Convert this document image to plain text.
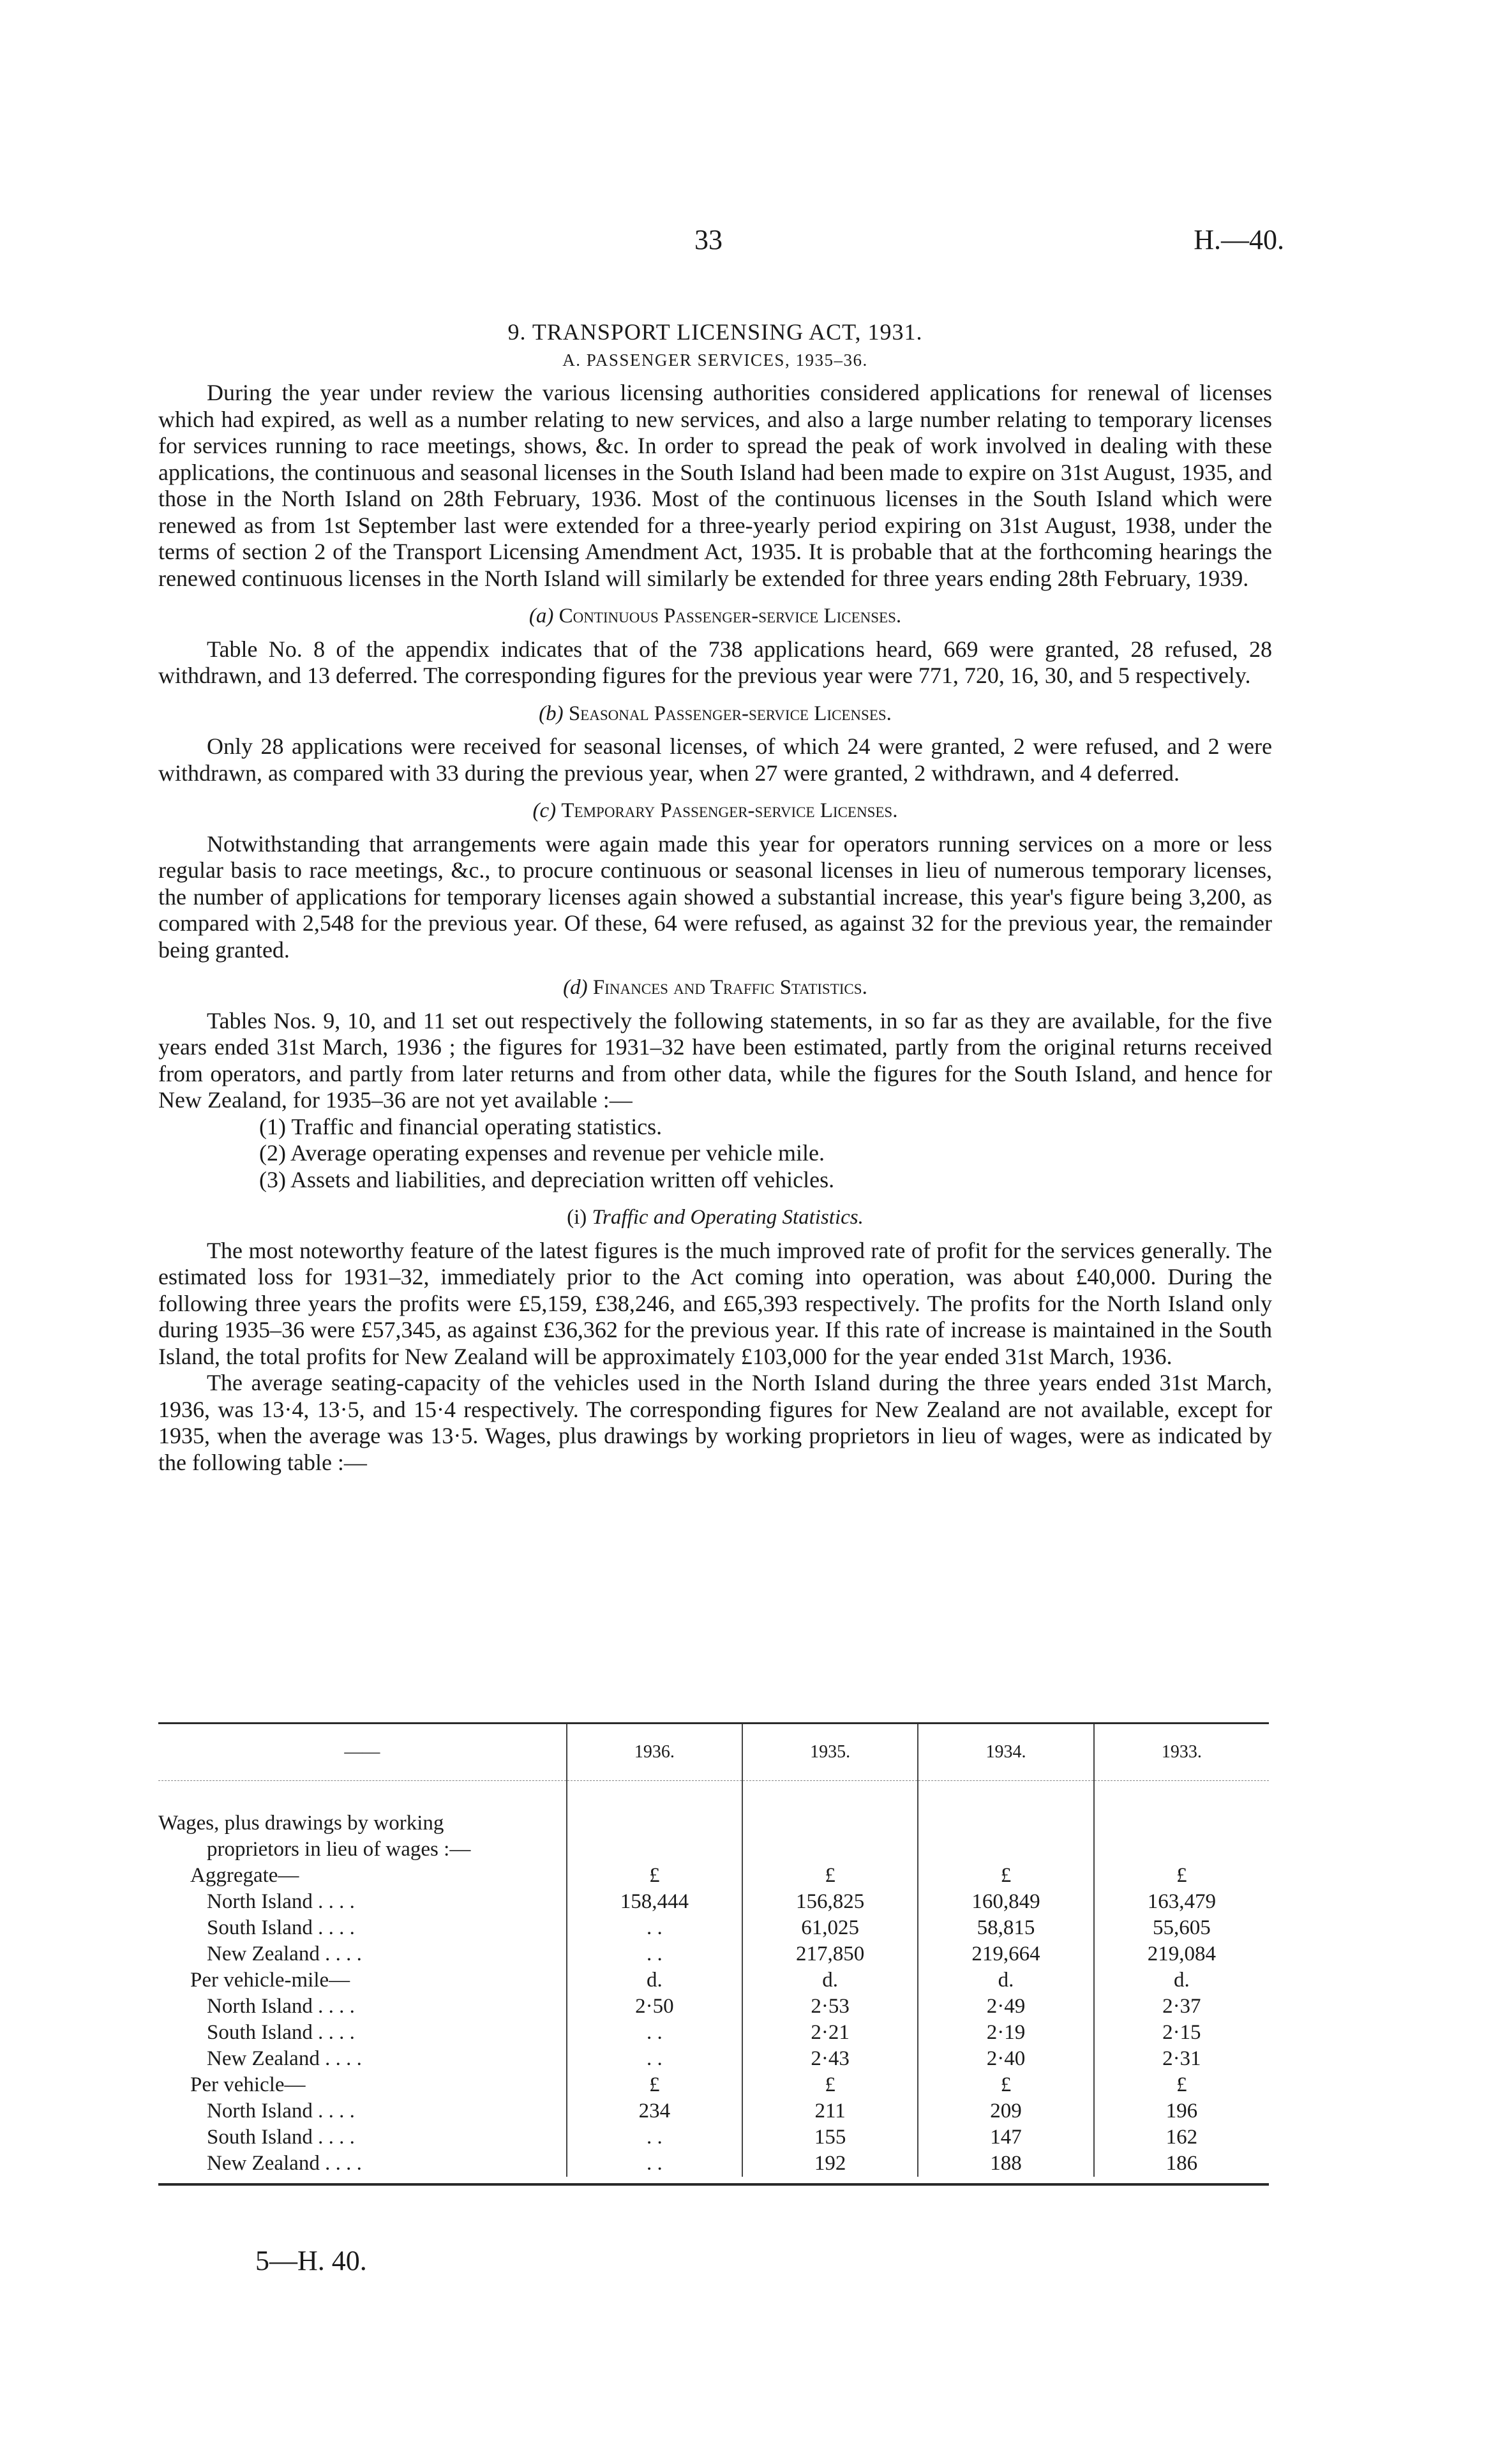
33	H.—40.
9. TRANSPORT LICENSING ACT, 1931.
A. PASSENGER SERVICES, 1935–36.

During the year under review the various licensing authorities considered applications for renewal of licenses which had expired, as well as a number relating to new services, and also a large number relating to temporary licenses for services running to race meetings, shows, &c. In order to spread the peak of work involved in dealing with these applications, the continuous and seasonal licenses in the South Island had been made to expire on 31st August, 1935, and those in the North Island on 28th February, 1936. Most of the continuous licenses in the South Island which were renewed as from 1st September last were extended for a three-yearly period expiring on 31st August, 1938, under the terms of section 2 of the Transport Licensing Amendment Act, 1935. It is probable that at the forthcoming hearings the renewed continuous licenses in the North Island will similarly be extended for three years ending 28th February, 1939.

(a) Continuous Passenger-service Licenses.

Table No. 8 of the appendix indicates that of the 738 applications heard, 669 were granted, 28 refused, 28 withdrawn, and 13 deferred. The corresponding figures for the previous year were 771, 720, 16, 30, and 5 respectively.

(b) Seasonal Passenger-service Licenses.

Only 28 applications were received for seasonal licenses, of which 24 were granted, 2 were refused, and 2 were withdrawn, as compared with 33 during the previous year, when 27 were granted, 2 withdrawn, and 4 deferred.

(c) Temporary Passenger-service Licenses.

Notwithstanding that arrangements were again made this year for operators running services on a more or less regular basis to race meetings, &c., to procure continuous or seasonal licenses in lieu of numerous temporary licenses, the number of applications for temporary licenses again showed a substantial increase, this year's figure being 3,200, as compared with 2,548 for the previous year. Of these, 64 were refused, as against 32 for the previous year, the remainder being granted.

(d) Finances and Traffic Statistics.

Tables Nos. 9, 10, and 11 set out respectively the following statements, in so far as they are available, for the five years ended 31st March, 1936 ; the figures for 1931–32 have been estimated, partly from the original returns received from operators, and partly from later returns and from other data, while the figures for the South Island, and hence for New Zealand, for 1935–36 are not yet available :—

(1) Traffic and financial operating statistics.
(2) Average operating expenses and revenue per vehicle mile.
(3) Assets and liabilities, and depreciation written off vehicles.
(i) Traffic and Operating Statistics.

The most noteworthy feature of the latest figures is the much improved rate of profit for the services generally. The estimated loss for 1931–32, immediately prior to the Act coming into operation, was about £40,000. During the following three years the profits were £5,159, £38,246, and £65,393 respectively. The profits for the North Island only during 1935–36 were £57,345, as against £36,362 for the previous year. If this rate of increase is maintained in the South Island, the total profits for New Zealand will be approximately £103,000 for the year ended 31st March, 1936.

The average seating-capacity of the vehicles used in the North Island during the three years ended 31st March, 1936, was 13·4, 13·5, and 15·4 respectively. The corresponding figures for New Zealand are not available, except for 1935, when the average was 13·5. Wages, plus drawings by working proprietors in lieu of wages, were as indicated by the following table :—

——	1936.	1935.	1934.	1933.

Wages, plus drawings by working				
proprietors in lieu of wages :—				
Aggregate—	£	£	£	£
North Island . . . .	158,444	156,825	160,849	163,479
South Island . . . .	. .	61,025	58,815	55,605
New Zealand . . . .	. .	217,850	219,664	219,084
Per vehicle-mile—	d.	d.	d.	d.
North Island . . . .	2·50	2·53	2·49	2·37
South Island . . . .	. .	2·21	2·19	2·15
New Zealand . . . .	. .	2·43	2·40	2·31
Per vehicle—	£	£	£	£
North Island . . . .	234	211	209	196
South Island . . . .	. .	155	147	162
New Zealand . . . .	. .	192	188	186
5—H. 40.
